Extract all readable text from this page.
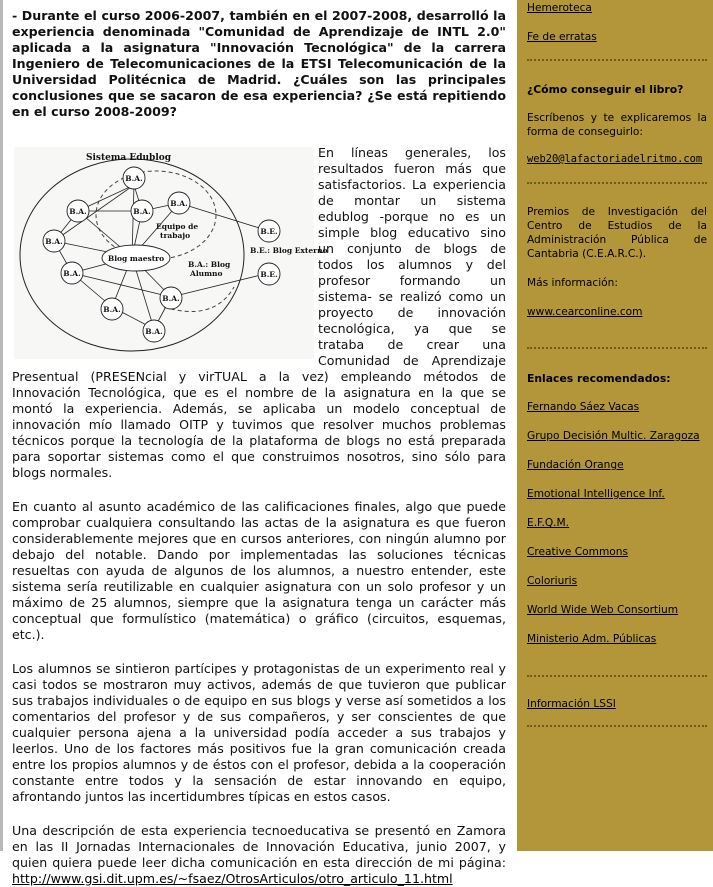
- Durante el curso 2006-2007, también en el 2007-2008, desarrolló la experiencia denominada "Comunidad de Aprendizaje de INTL 2.0" aplicada a la asignatura "Innovación Tecnológica" de la carrera Ingeniero de Telecomunicaciones de la ETSI Telecomunicación de la Universidad Politécnica de Madrid. ¿Cuáles son las principales conclusiones que se sacaron de esa experiencia? ¿Se está repitiendo en el curso 2008-2009?
Sistema Edublog
B.A.
B.A.	B.A.
B.A.
B.A.
B.A.
B.A.
B.A.
B.A.
Blog maestro
B.E.
B.E.
Equipo de
trabajo
B.A.: Blog
Alumno
B.E.: Blog Externo

En líneas generales, los resultados fueron más que satisfactorios. La experiencia de montar un sistema edublog -porque no es un simple blog educativo sino un conjunto de blogs de todos los alumnos y del profesor formando un sistema- se realizó como un proyecto de innovación tecnológica, ya que se trataba de crear una Comunidad de Aprendizaje Presentual (PRESENcial y virTUAL a la vez) empleando métodos de Innovación Tecnológica, que es el nombre de la asignatura en la que se montó la experiencia. Además, se aplicaba un modelo conceptual de innovación mío llamado OITP y tuvimos que resolver muchos problemas técnicos porque la tecnología de la plataforma de blogs no está preparada para soportar sistemas como el que construimos nosotros, sino sólo para blogs normales.

En cuanto al asunto académico de las calificaciones finales, algo que puede comprobar cualquiera consultando las actas de la asignatura es que fueron considerablemente mejores que en cursos anteriores, con ningún alumno por debajo del notable. Dando por implementadas las soluciones técnicas resueltas con ayuda de algunos de los alumnos, a nuestro entender, este sistema sería reutilizable en cualquier asignatura con un solo profesor y un máximo de 25 alumnos, siempre que la asignatura tenga un carácter más conceptual que formulístico (matemática) o gráfico (circuitos, esquemas, etc.).

Los alumnos se sintieron partícipes y protagonistas de un experimento real y casi todos se mostraron muy activos, además de que tuvieron que publicar sus trabajos individuales o de equipo en sus blogs y verse así sometidos a los comentarios del profesor y de sus compañeros, y ser conscientes de que cualquier persona ajena a la universidad podía acceder a sus trabajos y leerlos. Uno de los factores más positivos fue la gran comunicación creada entre los propios alumnos y de éstos con el profesor, debida a la cooperación constante entre todos y la sensación de estar innovando en equipo, afrontando juntos las incertidumbres típicas en estos casos.

Una descripción de esta experiencia tecnoeducativa se presentó en Zamora en las II Jornadas Internacionales de Innovación Educativa, junio 2007, y quien quiera puede leer dicha comunicación en esta dirección de mi página: http://www.gsi.dit.upm.es/~fsaez/OtrosArticulos/otro_articulo_11.html

Hemeroteca
Fe de erratas
¿Cómo conseguir el libro?
Escríbenos y te explicaremos la forma de conseguirlo:
web20@lafactoriadelritmo.com
Premios de Investigación del Centro de Estudios de la Administración Pública de Cantabria (C.E.A.R.C.).
Más información:
www.cearconline.com
Enlaces recomendados:
Fernando Sáez Vacas
Grupo Decisión Multic. Zaragoza
Fundación Orange
Emotional Intelligence Inf.
E.F.Q.M.
Creative Commons
Coloriuris
World Wide Web Consortium
Ministerio Adm. Públicas
Información LSSI
